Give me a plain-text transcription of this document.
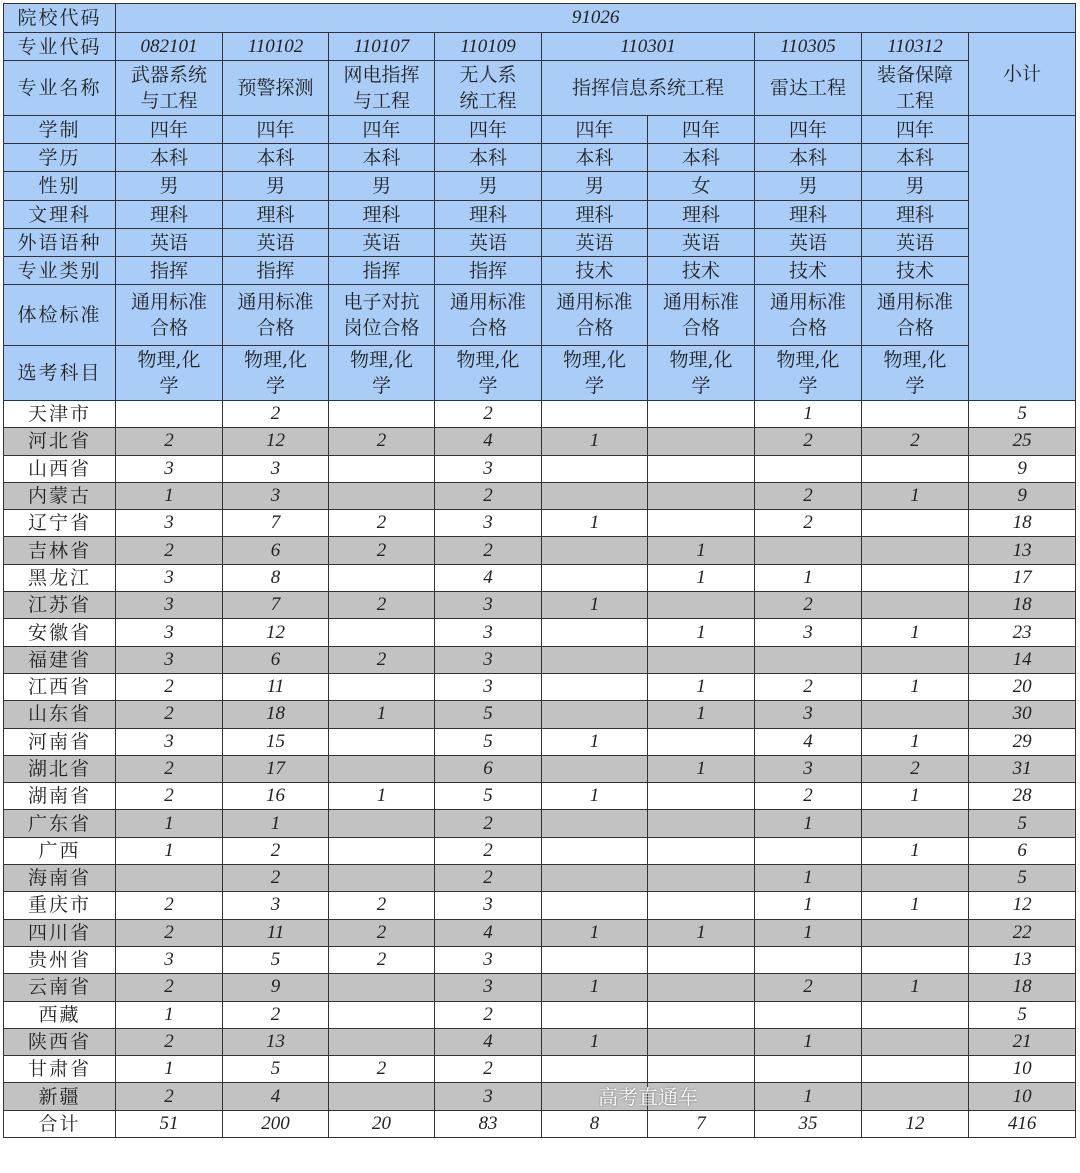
院校代码	91026								
专业代码	082101	110102	110107	110109	110301		110305	110312	小计
专业名称	武器系统与工程	预警探测	网电指挥与工程	无人系统工程	指挥信息系统工程		雷达工程	装备保障工程	
学制	四年	四年	四年	四年	四年	四年	四年	四年	
学历	本科	本科	本科	本科	本科	本科	本科	本科	
性别	男	男	男	男	男	女	男	男	
文理科	理科	理科	理科	理科	理科	理科	理科	理科	
外语语种	英语	英语	英语	英语	英语	英语	英语	英语	
专业类别	指挥	指挥	指挥	指挥	技术	技术	技术	技术	
体检标准	通用标准合格	通用标准合格	电子对抗岗位合格	通用标准合格	通用标准合格	通用标准合格	通用标准合格	通用标准合格	
选考科目	物理,化学	物理,化学	物理,化学	物理,化学	物理,化学	物理,化学	物理,化学	物理,化学	
天津市		2		2			1		5
河北省	2	12	2	4	1		2	2	25
山西省	3	3		3					9
内蒙古	1	3		2			2	1	9
辽宁省	3	7	2	3	1		2		18
吉林省	2	6	2	2		1			13
黑龙江	3	8		4		1	1		17
江苏省	3	7	2	3	1		2		18
安徽省	3	12		3		1	3	1	23
福建省	3	6	2	3					14
江西省	2	11		3		1	2	1	20
山东省	2	18	1	5		1	3		30
河南省	3	15		5	1		4	1	29
湖北省	2	17		6		1	3	2	31
湖南省	2	16	1	5	1		2	1	28
广东省	1	1		2			1		5
广西	1	2		2				1	6
海南省		2		2			1		5
重庆市	2	3	2	3			1	1	12
四川省	2	11	2	4	1	1	1		22
贵州省	3	5	2	3					13
云南省	2	9		3	1		2	1	18
西藏	1	2		2					5
陕西省	2	13		4	1		1		21
甘肃省	1	5	2	2					10
新疆	2	4		3			1		10
合计	51	200	20	83	8	7	35	12	416
高考直通车
